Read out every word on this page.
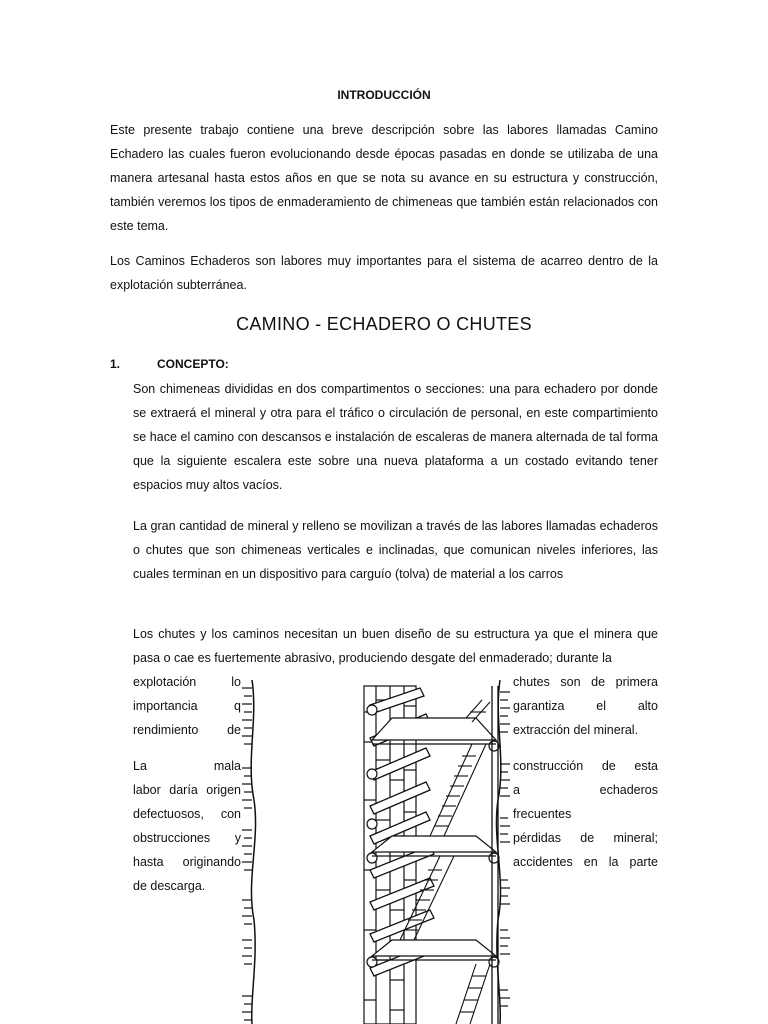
INTRODUCCIÓN
Este presente trabajo contiene una breve descripción sobre las labores llamadas Camino Echadero las cuales fueron evolucionando desde épocas pasadas en donde se utilizaba de una manera artesanal hasta estos años en que se nota su avance en su estructura y construcción, también veremos los tipos de enmaderamiento de chimeneas que también están relacionados con este tema.
Los Caminos Echaderos son labores muy importantes para el sistema de acarreo dentro de la explotación subterránea.
CAMINO - ECHADERO O CHUTES
1.	CONCEPTO:
Son chimeneas divididas en dos compartimentos o secciones: una para echadero por donde se extraerá el mineral y otra para el tráfico o circulación de personal, en este compartimiento se hace el camino con descansos e instalación de escaleras de manera alternada de tal forma que la siguiente escalera este sobre una nueva plataforma a un costado evitando tener espacios muy altos vacíos.
La gran cantidad de mineral y relleno se movilizan a través de las labores llamadas echaderos o chutes que son chimeneas verticales e inclinadas, que comunican niveles inferiores, las cuales terminan en un dispositivo para carguío (tolva) de material a los carros
Los chutes y los caminos necesitan un buen diseño de su estructura ya que el minera que pasa o cae es fuertemente abrasivo, produciendo desgate del enmaderado; durante la
explotación lo
importancia q
rendimiento de
La mala
labor daría origen
defectuosos, con
obstrucciones y
hasta originando
de descarga.
chutes son de primera
garantiza el alto
extracción del mineral.
construcción de esta
a echaderos
frecuentes
pérdidas de mineral;
accidentes en la parte
